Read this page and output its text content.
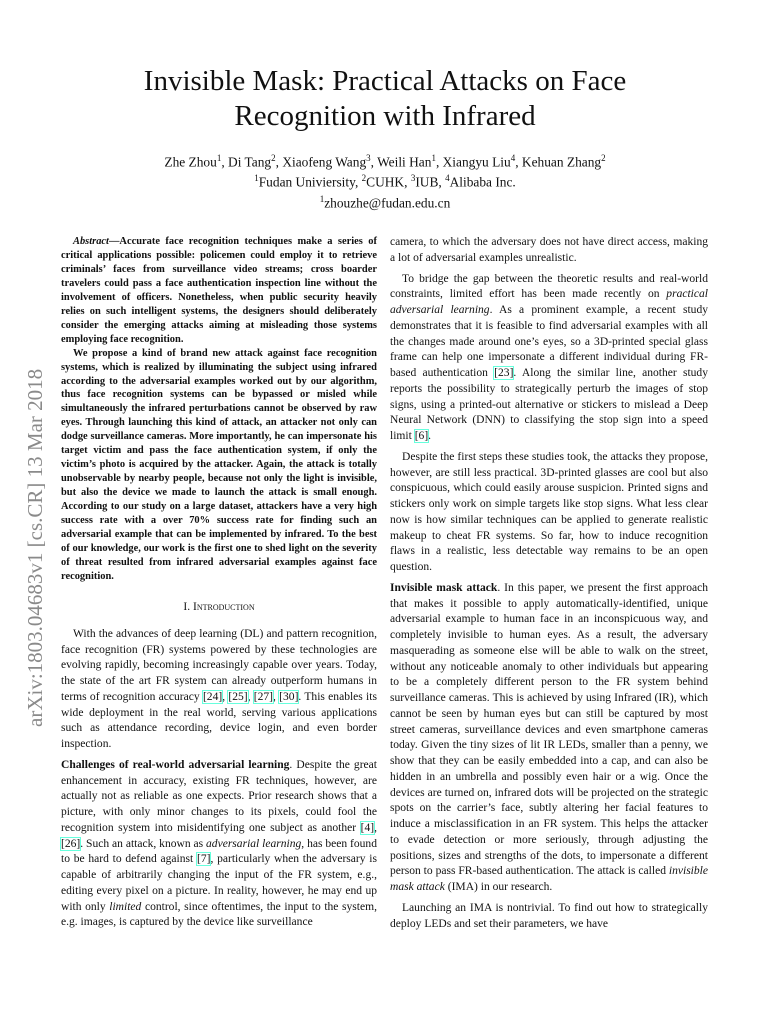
Invisible Mask: Practical Attacks on Face Recognition with Infrared
Zhe Zhou$^1$, Di Tang$^2$, Xiaofeng Wang$^3$, Weili Han$^1$, Xiangyu Liu$^4$, Kehuan Zhang$^2$
$^1$Fudan Univiersity, $^2$CUHK, $^3$IUB, $^4$Alibaba Inc.
$^1$zhouzhe@fudan.edu.cn
arXiv:1803.04683v1 [cs.CR] 13 Mar 2018

Abstract—Accurate face recognition techniques make a series of critical applications possible: policemen could employ it to retrieve criminals’ faces from surveillance video streams; cross boarder travelers could pass a face authentication inspection line without the involvement of officers. Nonetheless, when public security heavily relies on such intelligent systems, the designers should deliberately consider the emerging attacks aiming at misleading those systems employing face recognition.

We propose a kind of brand new attack against face recognition systems, which is realized by illuminating the subject using infrared according to the adversarial examples worked out by our algorithm, thus face recognition systems can be bypassed or misled while simultaneously the infrared perturbations cannot be observed by raw eyes. Through launching this kind of attack, an attacker not only can dodge surveillance cameras. More importantly, he can impersonate his target victim and pass the face authentication system, if only the victim’s photo is acquired by the attacker. Again, the attack is totally unobservable by nearby people, because not only the light is invisible, but also the device we made to launch the attack is small enough. According to our study on a large dataset, attackers have a very high success rate with a over 70% success rate for finding such an adversarial example that can be implemented by infrared. To the best of our knowledge, our work is the first one to shed light on the severity of threat resulted from infrared adversarial examples against face recognition.

I. Introduction

With the advances of deep learning (DL) and pattern recognition, face recognition (FR) systems powered by these technologies are evolving rapidly, becoming increasingly capable over years. Today, the state of the art FR system can already outperform humans in terms of recognition accuracy [24], [25], [27], [30]. This enables its wide deployment in the real world, serving various applications such as attendance recording, device login, and even border inspection.

Challenges of real-world adversarial learning. Despite the great enhancement in accuracy, existing FR techniques, however, are actually not as reliable as one expects. Prior research shows that a picture, with only minor changes to its pixels, could fool the recognition system into misidentifying one subject as another [4], [26]. Such an attack, known as adversarial learning, has been found to be hard to defend against [7], particularly when the adversary is capable of arbitrarily changing the input of the FR system, e.g., editing every pixel on a picture. In reality, however, he may end up with only limited control, since oftentimes, the input to the system, e.g. images, is captured by the device like surveillance

camera, to which the adversary does not have direct access, making a lot of adversarial examples unrealistic.

To bridge the gap between the theoretic results and real-world constraints, limited effort has been made recently on practical adversarial learning. As a prominent example, a recent study demonstrates that it is feasible to find adversarial examples with all the changes made around one’s eyes, so a 3D-printed special glass frame can help one impersonate a different individual during FR-based authentication [23]. Along the similar line, another study reports the possibility to strategically perturb the images of stop signs, using a printed-out alternative or stickers to mislead a Deep Neural Network (DNN) to classifying the stop sign into a speed limit [6].

Despite the first steps these studies took, the attacks they propose, however, are still less practical. 3D-printed glasses are cool but also conspicuous, which could easily arouse suspicion. Printed signs and stickers only work on simple targets like stop signs. What less clear now is how similar techniques can be applied to generate realistic makeup to cheat FR systems. So far, how to induce recognition flaws in a realistic, less detectable way remains to be an open question.

Invisible mask attack. In this paper, we present the first approach that makes it possible to apply automatically-identified, unique adversarial example to human face in an inconspicuous way, and completely invisible to human eyes. As a result, the adversary masquerading as someone else will be able to walk on the street, without any noticeable anomaly to other individuals but appearing to be a completely different person to the FR system behind surveillance cameras. This is achieved by using Infrared (IR), which cannot be seen by human eyes but can still be captured by most street cameras, surveillance devices and even smartphone cameras today. Given the tiny sizes of lit IR LEDs, smaller than a penny, we show that they can be easily embedded into a cap, and can also be hidden in an umbrella and possibly even hair or a wig. Once the devices are turned on, infrared dots will be projected on the strategic spots on the carrier’s face, subtly altering her facial features to induce a misclassification in an FR system. This helps the attacker to evade detection or more seriously, through adjusting the positions, sizes and strengths of the dots, to impersonate a different person to pass FR-based authentication. The attack is called invisible mask attack (IMA) in our research.

Launching an IMA is nontrivial. To find out how to strategically deploy LEDs and set their parameters, we have
